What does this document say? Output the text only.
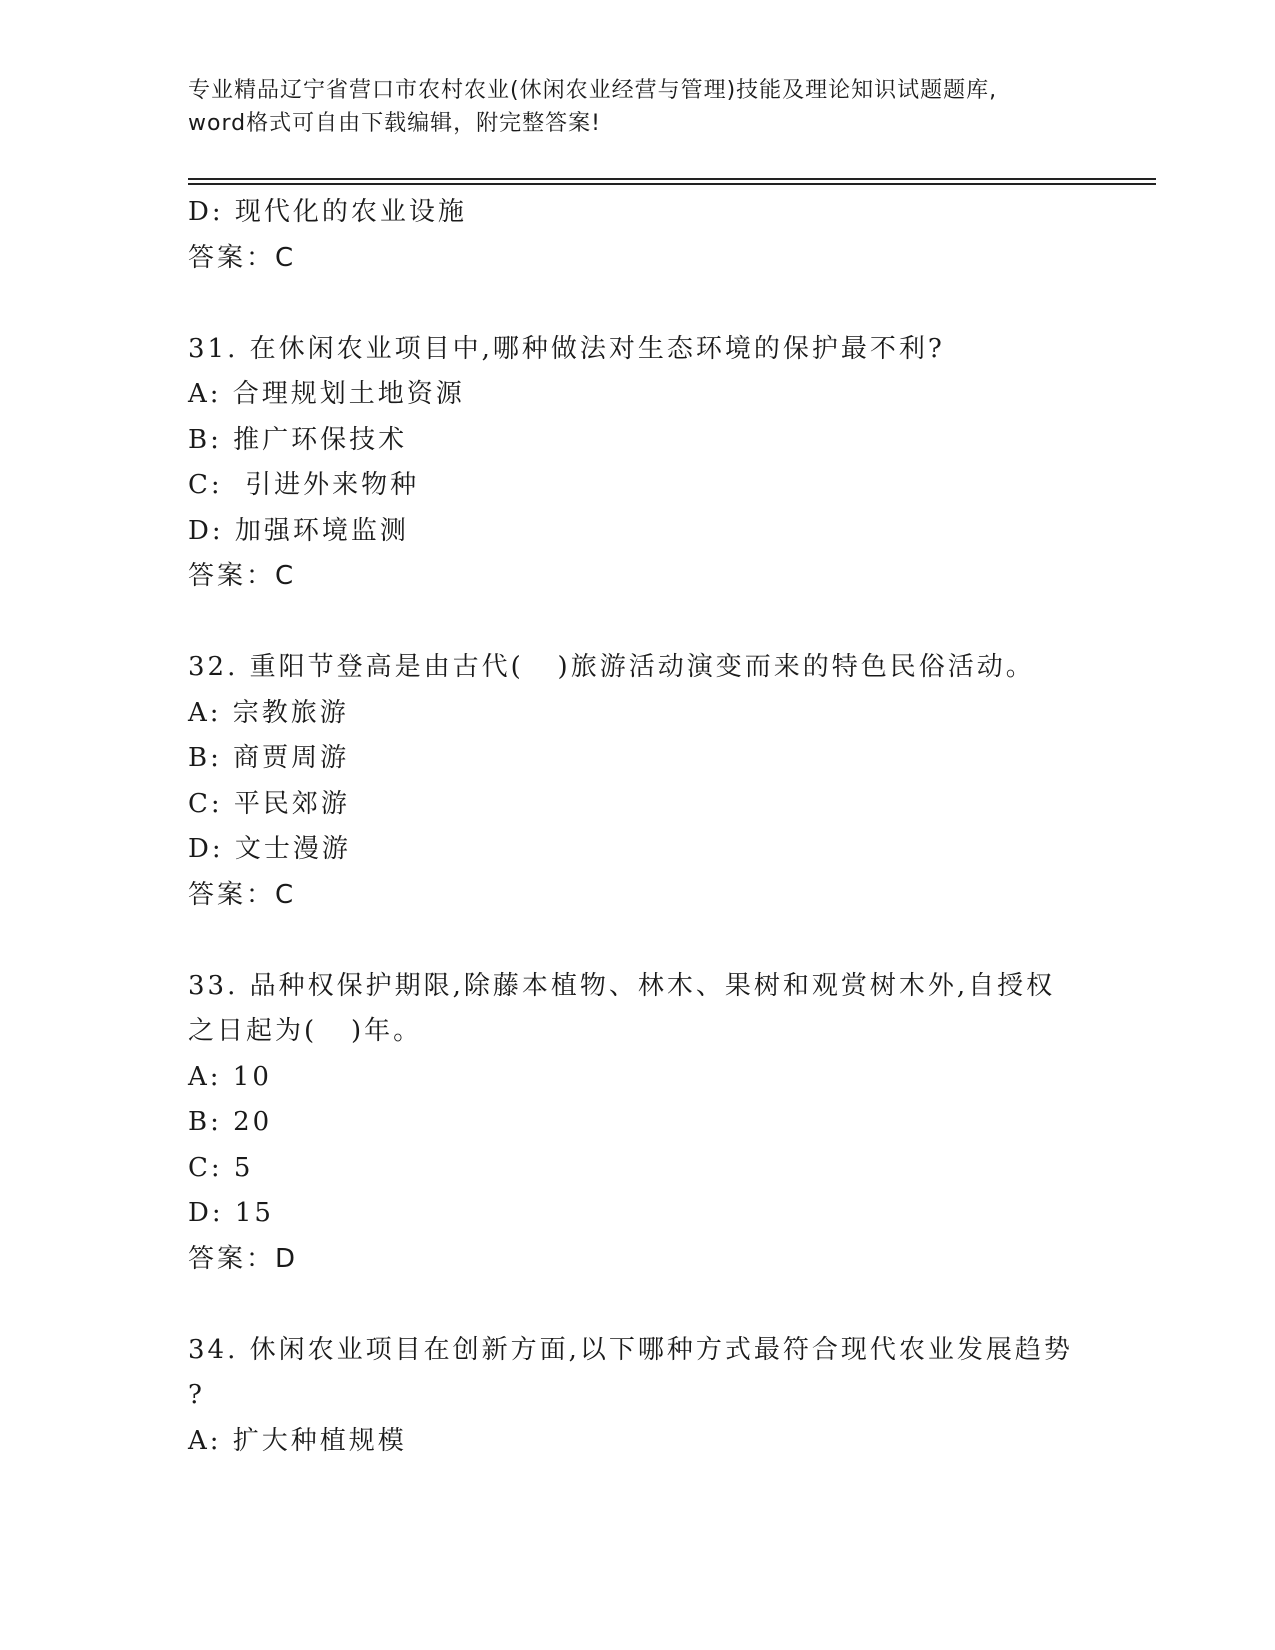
专业精品辽宁省营口市农村农业(休闲农业经营与管理)技能及理论知识试题题库,
word格式可自由下载编辑，附完整答案!
D: 现代化的农业设施
答案：C
31. 在休闲农业项目中,哪种做法对生态环境的保护最不利?
A: 合理规划土地资源
B: 推广环保技术
C:  引进外来物种
D: 加强环境监测
答案：C
32. 重阳节登高是由古代(   )旅游活动演变而来的特色民俗活动。
A: 宗教旅游
B: 商贾周游
C: 平民郊游
D: 文士漫游
答案：C
33. 品种权保护期限,除藤本植物、林木、果树和观赏树木外,自授权
之日起为(   )年。
A: 10
B: 20
C: 5
D: 15
答案：D
34. 休闲农业项目在创新方面,以下哪种方式最符合现代农业发展趋势
?
A: 扩大种植规模
